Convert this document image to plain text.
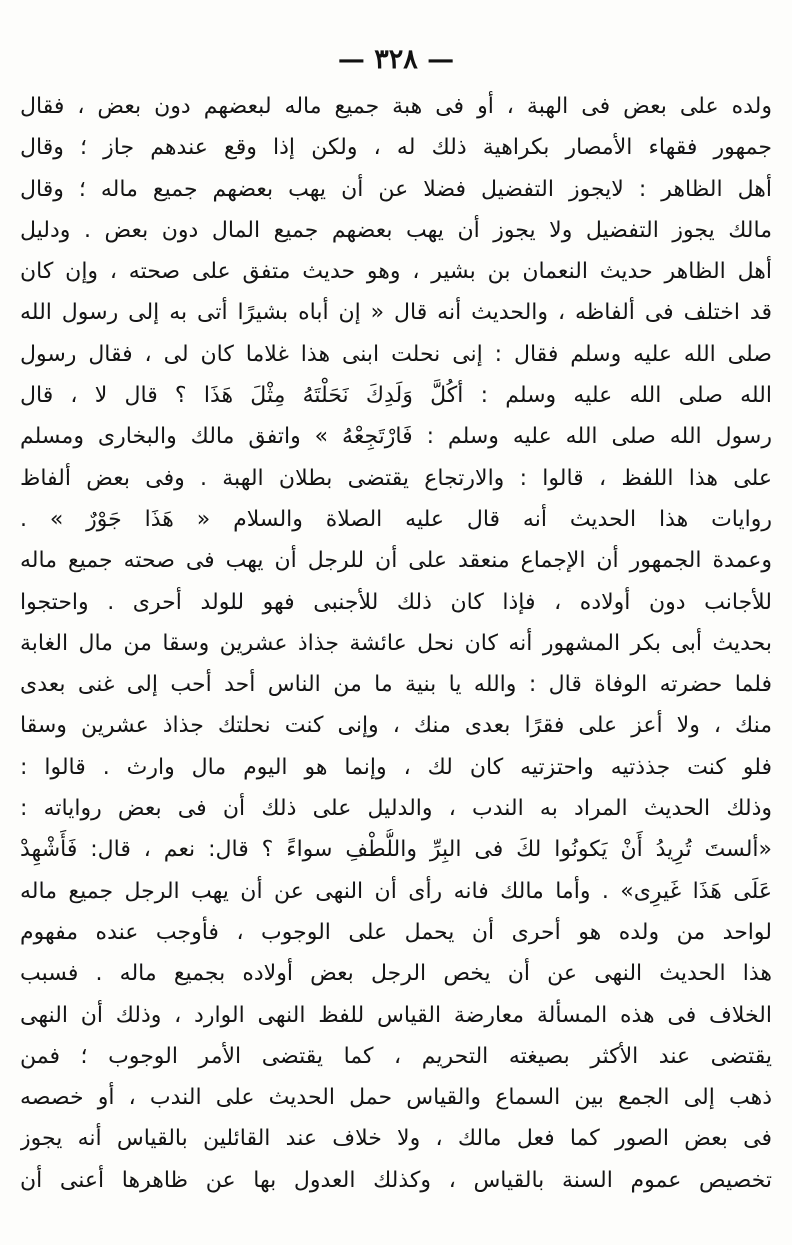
— ٣٢٨ —
ولده على بعض فى الهبة ، أو فى هبة جميع ماله لبعضهم دون بعض ، فقال
جمهور فقهاء الأمصار بكراهية ذلك له ، ولكن إذا وقع عندهم جاز ؛ وقال
أهل الظاهر : لايجوز التفضيل فضلا عن أن يهب بعضهم جميع ماله ؛ وقال
مالك يجوز التفضيل ولا يجوز أن يهب بعضهم جميع المال دون بعض . ودليل
أهل الظاهر حديث النعمان بن بشير ، وهو حديث متفق على صحته ، وإن كان
قد اختلف فى ألفاظه ، والحديث أنه قال « إن أباه بشيرًا أتى به إلى رسول الله
صلى الله عليه وسلم فقال : إنى نحلت ابنى هذا غلاما كان لى ، فقال رسول
الله صلى الله عليه وسلم : أكُلَّ وَلَدِكَ نَحَلْتَهُ مِثْلَ هَذَا ؟ قال لا ، قال
رسول الله صلى الله عليه وسلم : فَارْتَجِعْهُ » واتفق مالك والبخارى ومسلم
على هذا اللفظ ، قالوا : والارتجاع يقتضى بطلان الهبة . وفى بعض ألفاظ
روايات هذا الحديث أنه قال عليه الصلاة والسلام « هَذَا جَوْرٌ » .
وعمدة الجمهور أن الإجماع منعقد على أن للرجل أن يهب فى صحته جميع ماله
للأجانب دون أولاده ، فإذا كان ذلك للأجنبى فهو للولد أحرى . واحتجوا
بحديث أبى بكر المشهور أنه كان نحل عائشة جذاذ عشرين وسقا من مال الغابة
فلما حضرته الوفاة قال : والله يا بنية ما من الناس أحد أحب إلى غنى بعدى
منك ، ولا أعز على فقرًا بعدى منك ، وإنى كنت نحلتك جذاذ عشرين وسقا
فلو كنت جذذتيه واحتزتيه كان لك ، وإنما هو اليوم مال وارث . قالوا :
وذلك الحديث المراد به الندب ، والدليل على ذلك أن فى بعض رواياته :
«ألستَ تُرِيدُ أَنْ يَكونُوا لكَ فى البِرِّ واللُّطْفِ سواءً ؟ قال: نعم ، قال: فَأَشْهِدْ
عَلَى هَذَا غَيرِى» . وأما مالك فانه رأى أن النهى عن أن يهب الرجل جميع ماله
لواحد من ولده هو أحرى أن يحمل على الوجوب ، فأوجب عنده مفهوم
هذا الحديث النهى عن أن يخص الرجل بعض أولاده بجميع ماله . فسبب
الخلاف فى هذه المسألة معارضة القياس للفظ النهى الوارد ، وذلك أن النهى
يقتضى عند الأكثر بصيغته التحريم ، كما يقتضى الأمر الوجوب ؛ فمن
ذهب إلى الجمع بين السماع والقياس حمل الحديث على الندب ، أو خصصه
فى بعض الصور كما فعل مالك ، ولا خلاف عند القائلين بالقياس أنه يجوز
تخصيص عموم السنة بالقياس ، وكذلك العدول بها عن ظاهرها أعنى أن
